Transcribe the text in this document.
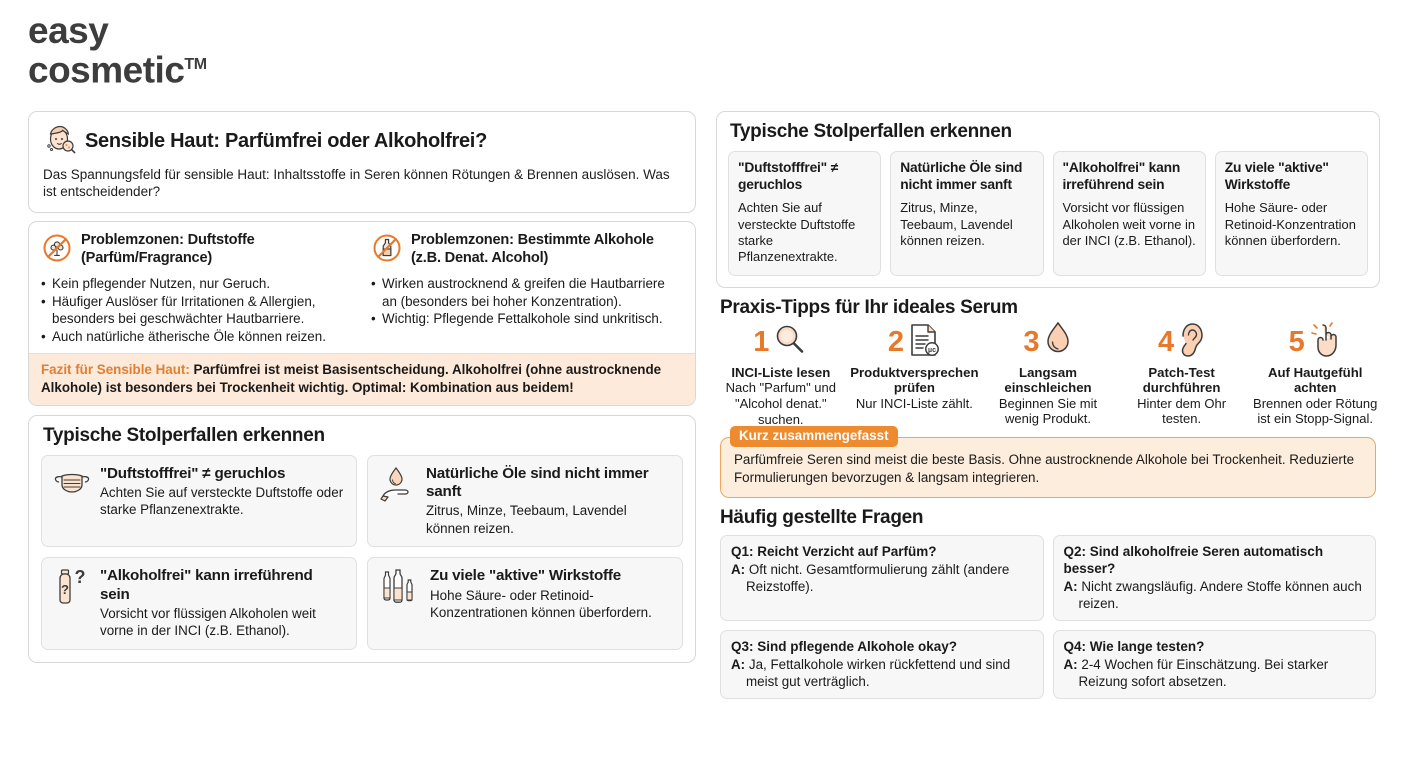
easy
cosmetic™
Sensible Haut: Parfümfrei oder Alkoholfrei?
Das Spannungsfeld für sensible Haut: Inhaltsstoffe in Seren können Rötungen & Brennen auslösen. Was ist entscheidender?
Problemzonen: Duftstoffe (Parfüm/Fragrance)
• Kein pflegender Nutzen, nur Geruch.
• Häufiger Auslöser für Irritationen & Allergien, besonders bei geschwächter Hautbarriere.
• Auch natürliche ätherische Öle können reizen.
Problemzonen: Bestimmte Alkohole (z.B. Denat. Alcohol)
• Wirken austrocknend & greifen die Hautbarriere an (besonders bei hoher Konzentration).
• Wichtig: Pflegende Fettalkohole sind unkritisch.
Fazit für Sensible Haut: Parfümfrei ist meist Basisentscheidung. Alkoholfrei (ohne austrocknende Alkohole) ist besonders bei Trockenheit wichtig. Optimal: Kombination aus beidem!
Typische Stolperfallen erkennen
"Duftstofffrei" ≠ geruchlos
Achten Sie auf versteckte Duftstoffe oder starke Pflanzenextrakte.
Natürliche Öle sind nicht immer sanft
Zitrus, Minze, Teebaum, Lavendel können reizen.
?
? "Alkoholfrei" kann irreführend sein
Vorsicht vor flüssigen Alkoholen weit vorne in der INCI (z.B. Ethanol).
Zu viele "aktive" Wirkstoffe
Hohe Säure- oder Retinoid-Konzentrationen können überfordern.
Typische Stolperfallen erkennen
"Duftstofffrei" ≠ geruchlos
Achten Sie auf versteckte Duftstoffe starke Pflanzenextrakte.
Natürliche Öle sind nicht immer sanft
Zitrus, Minze, Teebaum, Lavendel können reizen.
"Alkoholfrei" kann irreführend sein
Vorsicht vor flüssigen Alkoholen weit vorne in der INCI (z.B. Ethanol).
Zu viele "aktive" Wirkstoffe
Hohe Säure- oder Retinoid-Konzentration können überfordern.
Praxis-Tipps für Ihr ideales Serum
1
INCI-Liste lesen
Nach "Parfum" und "Alcohol denat." suchen.
2	µc
Produktversprechen prüfen
Nur INCI-Liste zählt.
3
Langsam einschleichen
Beginnen Sie mit wenig Produkt.
4
Patch-Test durchführen
Hinter dem Ohr testen.
5
Auf Hautgefühl achten
Brennen oder Rötung ist ein Stopp-Signal.
Kurz zusammengefasst
Parfümfreie Seren sind meist die beste Basis. Ohne austrocknende Alkohole bei Trockenheit. Reduzierte Formulierungen bevorzugen & langsam integrieren.
Häufig gestellte Fragen
Q1: Reicht Verzicht auf Parfüm?
A: Oft nicht. Gesamtformulierung zählt (andere Reizstoffe).
Q2: Sind alkoholfreie Seren automatisch besser?
A: Nicht zwangsläufig. Andere Stoffe können auch reizen.
Q3: Sind pflegende Alkohole okay?
A: Ja, Fettalkohole wirken rückfettend und sind meist gut verträglich.
Q4: Wie lange testen?
A: 2-4 Wochen für Einschätzung. Bei starker Reizung sofort absetzen.
